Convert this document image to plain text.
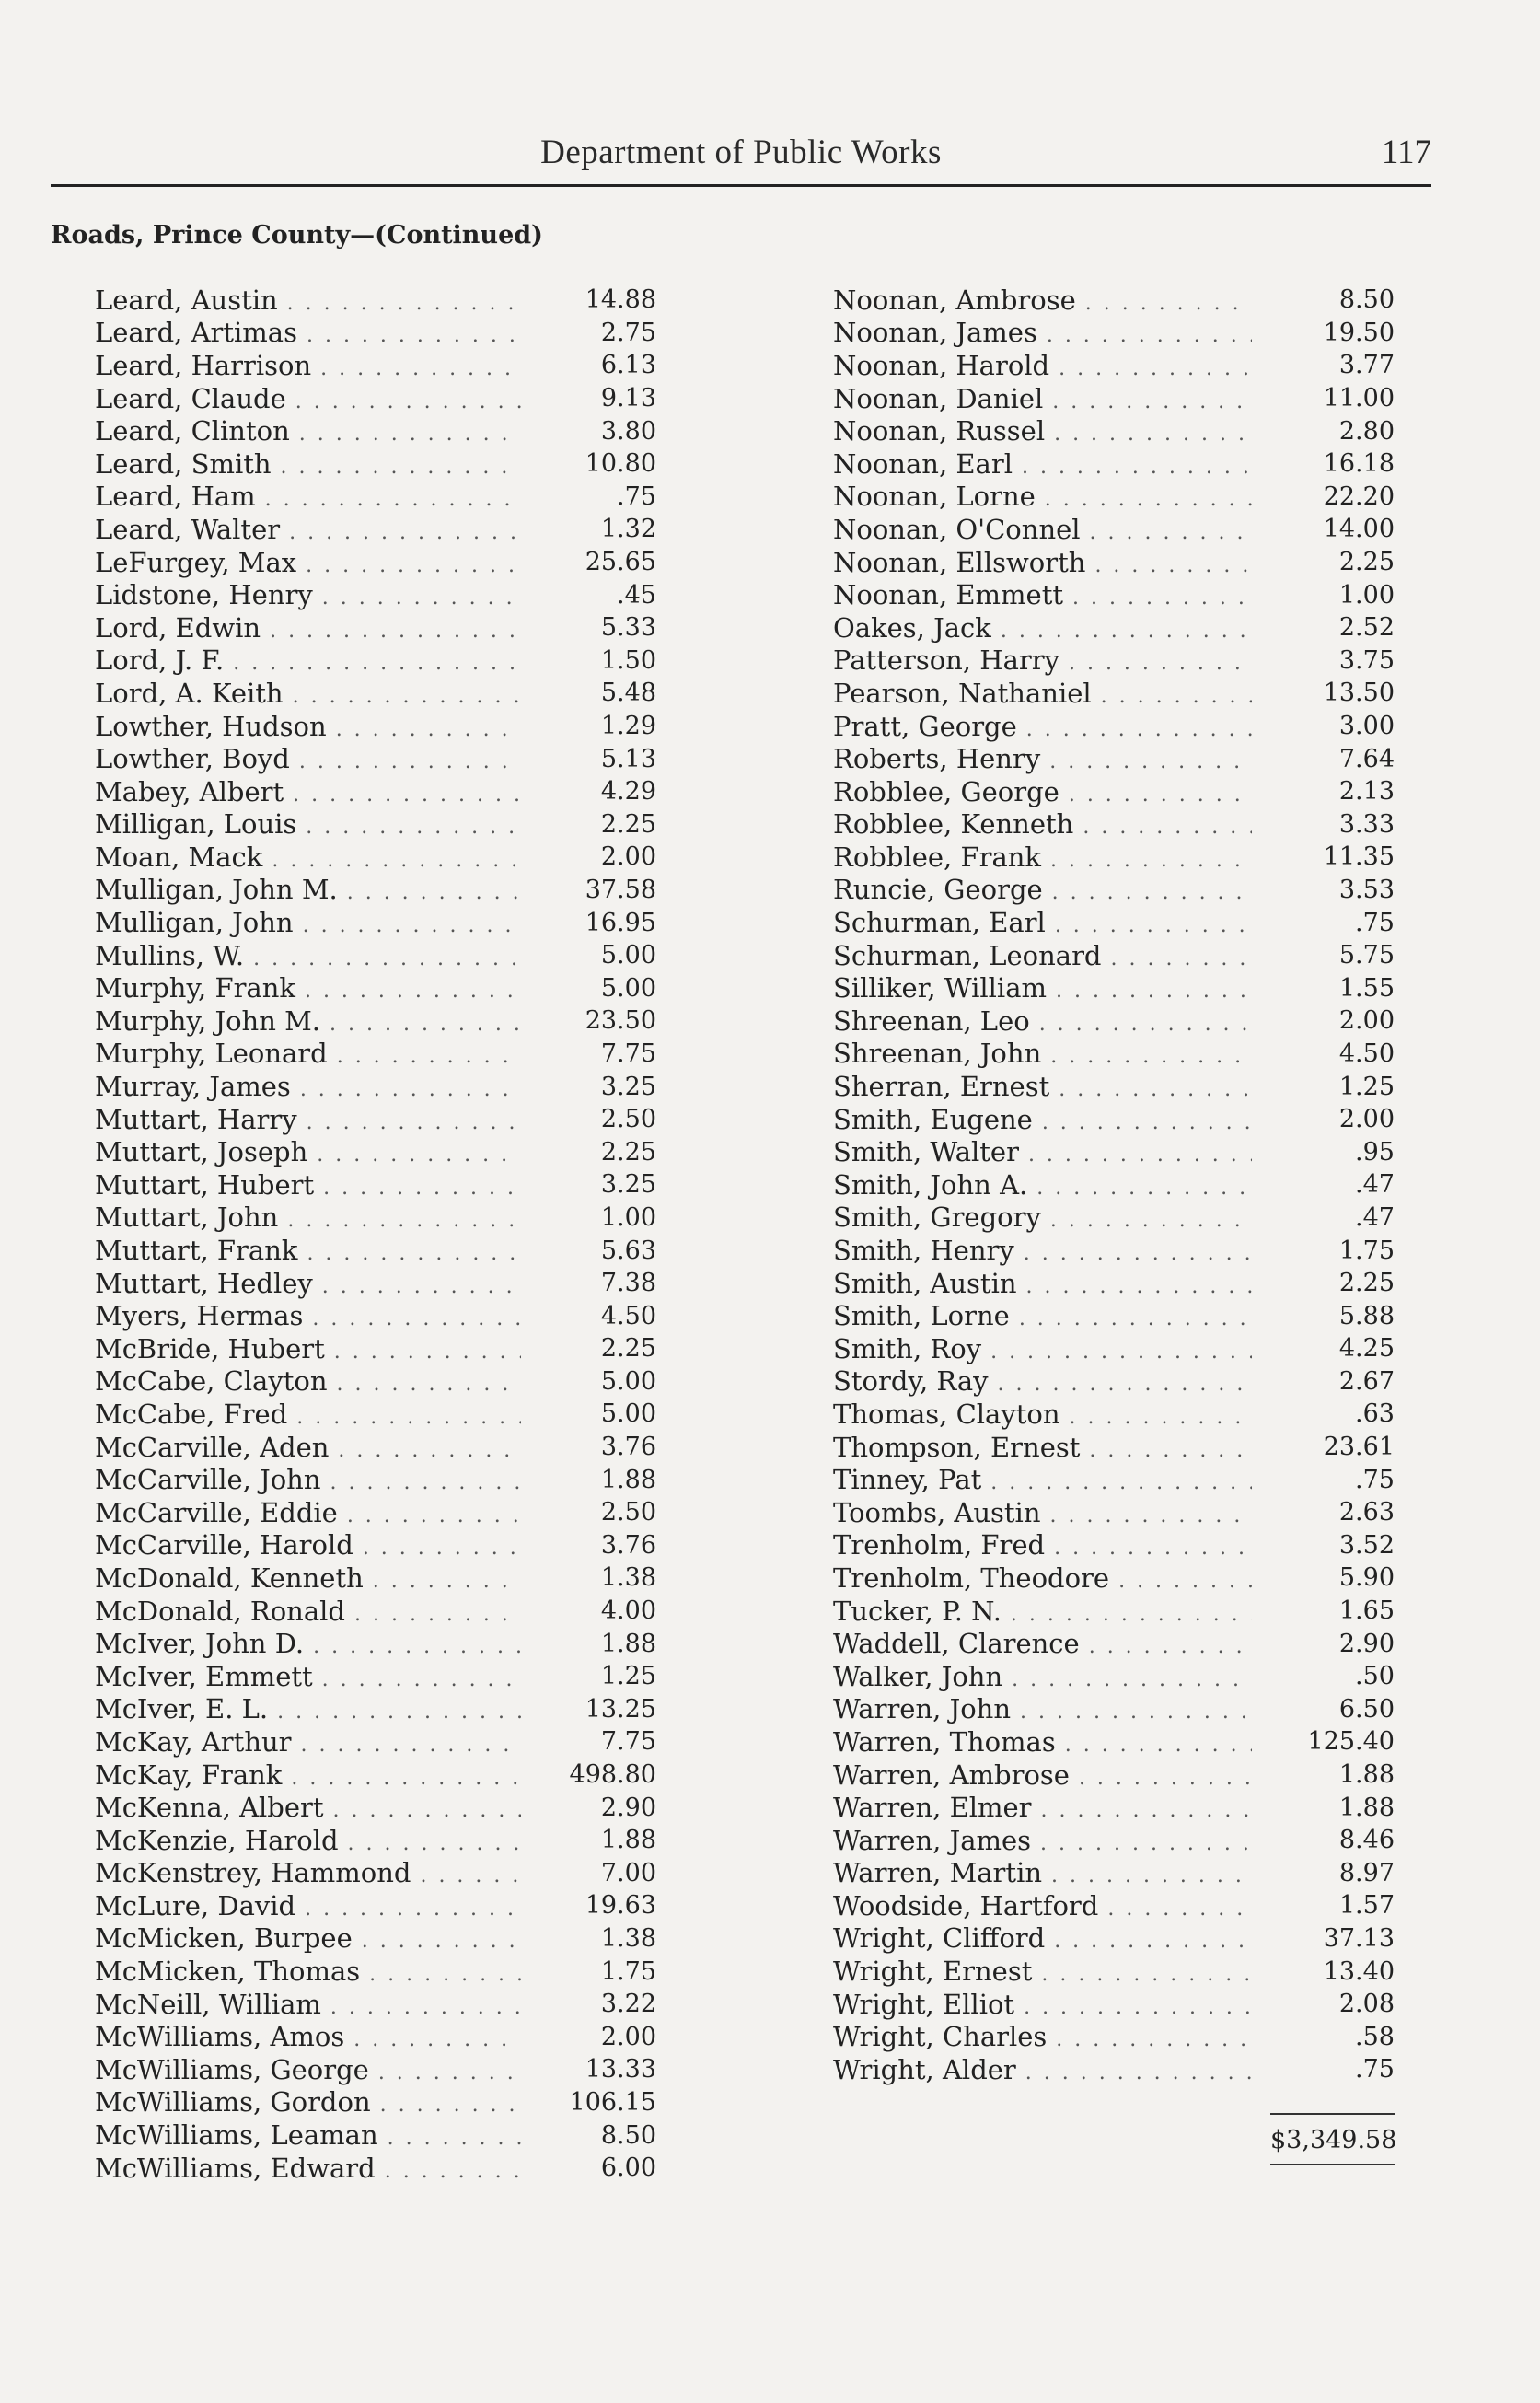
Department of Public Works	117
Roads, Prince County—(Continued)
Leard, Austin . . .	14.88
Leard, Artimas . . .	2.75
Leard, Harrison . . .	6.13
Leard, Claude . . .	9.13
Leard, Clinton . . .	3.80
Leard, Smith . . .	10.80
Leard, Ham . . .	.75
Leard, Walter . . .	1.32
LeFurgey, Max . . .	25.65
Lidstone, Henry . . .	.45
Lord, Edwin . . .	5.33
Lord, J. F. . . .	1.50
Lord, A. Keith . . .	5.48
Lowther, Hudson . . .	1.29
Lowther, Boyd . . .	5.13
Mabey, Albert . . .	4.29
Milligan, Louis . . .	2.25
Moan, Mack . . .	2.00
Mulligan, John M. . . .	37.58
Mulligan, John . . .	16.95
Mullins, W. . . .	5.00
Murphy, Frank . . .	5.00
Murphy, John M. . . .	23.50
Murphy, Leonard . . .	7.75
Murray, James . . .	3.25
Muttart, Harry . . .	2.50
Muttart, Joseph . . .	2.25
Muttart, Hubert . . .	3.25
Muttart, John . . .	1.00
Muttart, Frank . . .	5.63
Muttart, Hedley . . .	7.38
Myers, Hermas . . .	4.50
McBride, Hubert . . .	2.25
McCabe, Clayton . . .	5.00
McCabe, Fred . . .	5.00
McCarville, Aden . . .	3.76
McCarville, John . . .	1.88
McCarville, Eddie . . .	2.50
McCarville, Harold . . .	3.76
McDonald, Kenneth . . .	1.38
McDonald, Ronald . . .	4.00
McIver, John D. . . .	1.88
McIver, Emmett . . .	1.25
McIver, E. L. . . .	13.25
McKay, Arthur . . .	7.75
McKay, Frank . . .	498.80
McKenna, Albert . . .	2.90
McKenzie, Harold . . .	1.88
McKenstrey, Hammond . . .	7.00
McLure, David . . .	19.63
McMicken, Burpee . . .	1.38
McMicken, Thomas . . .	1.75
McNeill, William . . .	3.22
McWilliams, Amos . . .	2.00
McWilliams, George . . .	13.33
McWilliams, Gordon . . .	106.15
McWilliams, Leaman . . .	8.50
McWilliams, Edward . . .	6.00
Noonan, Ambrose . . .	8.50
Noonan, James . . .	19.50
Noonan, Harold . . .	3.77
Noonan, Daniel . . .	11.00
Noonan, Russel . . .	2.80
Noonan, Earl . . .	16.18
Noonan, Lorne . . .	22.20
Noonan, O'Connel . . .	14.00
Noonan, Ellsworth . . .	2.25
Noonan, Emmett . . .	1.00
Oakes, Jack . . .	2.52
Patterson, Harry . . .	3.75
Pearson, Nathaniel . . .	13.50
Pratt, George . . .	3.00
Roberts, Henry . . .	7.64
Robblee, George . . .	2.13
Robblee, Kenneth . . .	3.33
Robblee, Frank . . .	11.35
Runcie, George . . .	3.53
Schurman, Earl . . .	.75
Schurman, Leonard . . .	5.75
Silliker, William . . .	1.55
Shreenan, Leo . . .	2.00
Shreenan, John . . .	4.50
Sherran, Ernest . . .	1.25
Smith, Eugene . . .	2.00
Smith, Walter . . .	.95
Smith, John A. . . .	.47
Smith, Gregory . . .	.47
Smith, Henry . . .	1.75
Smith, Austin . . .	2.25
Smith, Lorne . . .	5.88
Smith, Roy . . .	4.25
Stordy, Ray . . .	2.67
Thomas, Clayton . . .	.63
Thompson, Ernest . . .	23.61
Tinney, Pat . . .	.75
Toombs, Austin . . .	2.63
Trenholm, Fred . . .	3.52
Trenholm, Theodore . . .	5.90
Tucker, P. N. . . .	1.65
Waddell, Clarence . . .	2.90
Walker, John . . .	.50
Warren, John . . .	6.50
Warren, Thomas . . .	125.40
Warren, Ambrose . . .	1.88
Warren, Elmer . . .	1.88
Warren, James . . .	8.46
Warren, Martin . . .	8.97
Woodside, Hartford . . .	1.57
Wright, Clifford . . .	37.13
Wright, Ernest . . .	13.40
Wright, Elliot . . .	2.08
Wright, Charles . . .	.58
Wright, Alder . . .	.75
$3,349.58
